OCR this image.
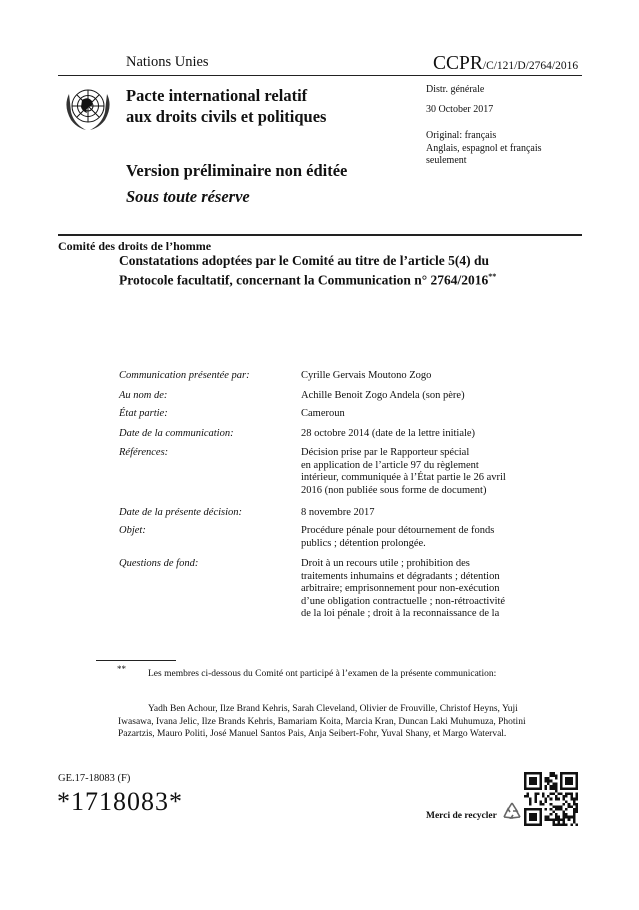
Nations Unies	CCPR/C/121/D/2764/2016
Pacte international relatif
aux droits civils et politiques
Distr. générale
30 October 2017
Original: français
Anglais, espagnol et français
seulement
Version préliminaire non éditée
Sous toute réserve
Comité des droits de l’homme
Constatations adoptées par le Comité au titre de l’article 5(4) du
Protocole facultatif, concernant la Communication n° 2764/2016**
Communication présentée par:	Cyrille Gervais Moutono Zogo
Au nom de:	Achille Benoit Zogo Andela (son père)
État partie:	Cameroun
Date de la communication:	28 octobre 2014 (date de la lettre initiale)
Références:	Décision prise par le Rapporteur spécial
en application de l’article 97 du règlement
intérieur, communiquée à l’État partie le 26 avril
2016 (non publiée sous forme de document)
Date de la présente décision:	8 novembre 2017
Objet:	Procédure pénale pour détournement de fonds
publics ; détention prolongée.
Questions de fond:	Droit à un recours utile ; prohibition des
traitements inhumains et dégradants ; détention
arbitraire; emprisonnement pour non-exécution
d’une obligation contractuelle ; non-rétroactivité
de la loi pénale ; droit à la reconnaissance de la
** Les membres ci-dessous du Comité ont participé à l’examen de la présente communication:
Yadh Ben Achour, Ilze Brand Kehris, Sarah Cleveland, Olivier de Frouville, Christof Heyns, Yuji Iwasawa, Ivana Jelic, Ilze Brands Kehris, Bamariam Koita, Marcia Kran, Duncan Laki Muhumuza, Photini Pazartzis, Mauro Politi, José Manuel Santos Pais, Anja Seibert-Fohr, Yuval Shany, et Margo Waterval.
GE.17-18083 (F)
*1718083*	Merci de recycler
